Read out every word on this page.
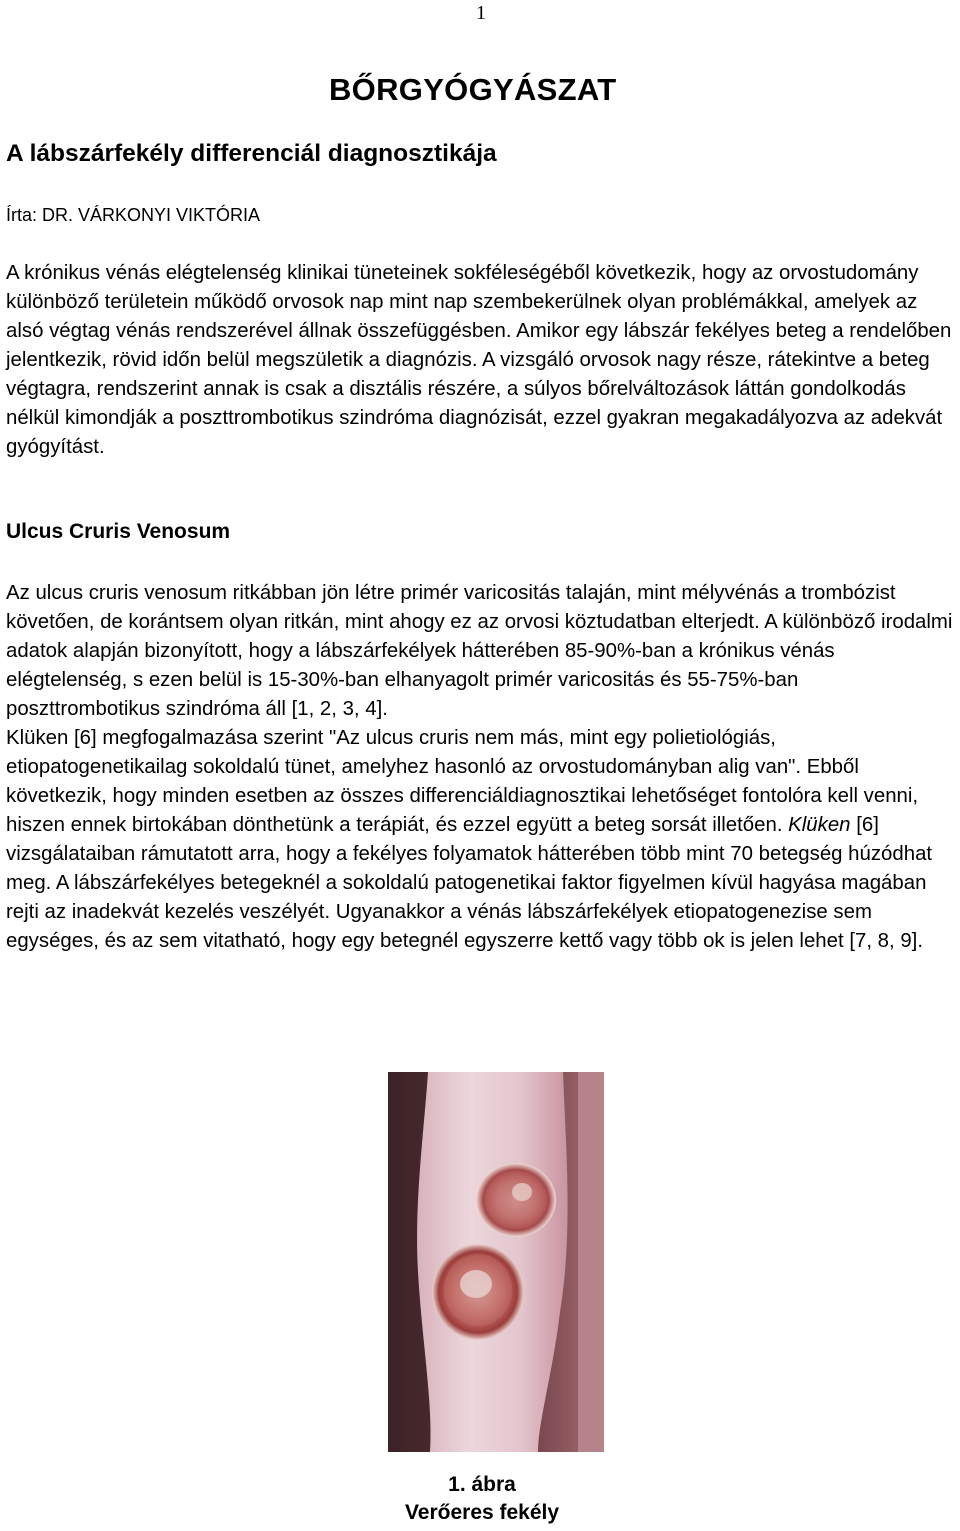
1
BŐRGYÓGYÁSZAT
A lábszárfekély differenciál diagnosztikája
Írta: DR. VÁRKONYI VIKTÓRIA

A krónikus vénás elégtelenség klinikai tüneteinek sokféleségéből következik, hogy az orvostudomány különböző területein működő orvosok nap mint nap szembekerülnek olyan problémákkal, amelyek az alsó végtag vénás rendszerével állnak összefüggésben. Amikor egy lábszár fekélyes beteg a rendelőben jelentkezik, rövid időn belül megszületik a diagnózis. A vizsgáló orvosok nagy része, rátekintve a beteg végtagra, rendszerint annak is csak a disztális részére, a súlyos bőrelváltozások láttán gondolkodás nélkül kimondják a poszttrombotikus szindróma diagnózisát, ezzel gyakran megakadályozva az adekvát gyógyítást.

Ulcus Cruris Venosum

Az ulcus cruris venosum ritkábban jön létre primér varicositás talaján, mint mélyvénás a trombózist követően, de korántsem olyan ritkán, mint ahogy ez az orvosi köztudatban elterjedt. A különböző irodalmi adatok alapján bizonyított, hogy a lábszárfekélyek hátterében 85-90%-ban a krónikus vénás elégtelenség, s ezen belül is 15-30%-ban elhanyagolt primér varicositás és 55-75%-ban poszttrombotikus szindróma áll [1, 2, 3, 4].
Klüken [6] megfogalmazása szerint "Az ulcus cruris nem más, mint egy polietiológiás, etiopatogenetikailag sokoldalú tünet, amelyhez hasonló az orvostudományban alig van". Ebből következik, hogy minden esetben az összes differenciáldiagnosztikai lehetőséget fontolóra kell venni, hiszen ennek birtokában dönthetünk a terápiát, és ezzel együtt a beteg sorsát illetően. Klüken [6] vizsgálataiban rámutatott arra, hogy a fekélyes folyamatok hátterében több mint 70 betegség húzódhat meg. A lábszárfekélyes betegeknél a sokoldalú patogenetikai faktor figyelmen kívül hagyása magában rejti az inadekvát kezelés veszélyét. Ugyanakkor a vénás lábszárfekélyek etiopatogenezise sem egységes, és az sem vitatható, hogy egy betegnél egyszerre kettő vagy több ok is jelen lehet [7, 8, 9].

1. ábra
Verőeres fekély
